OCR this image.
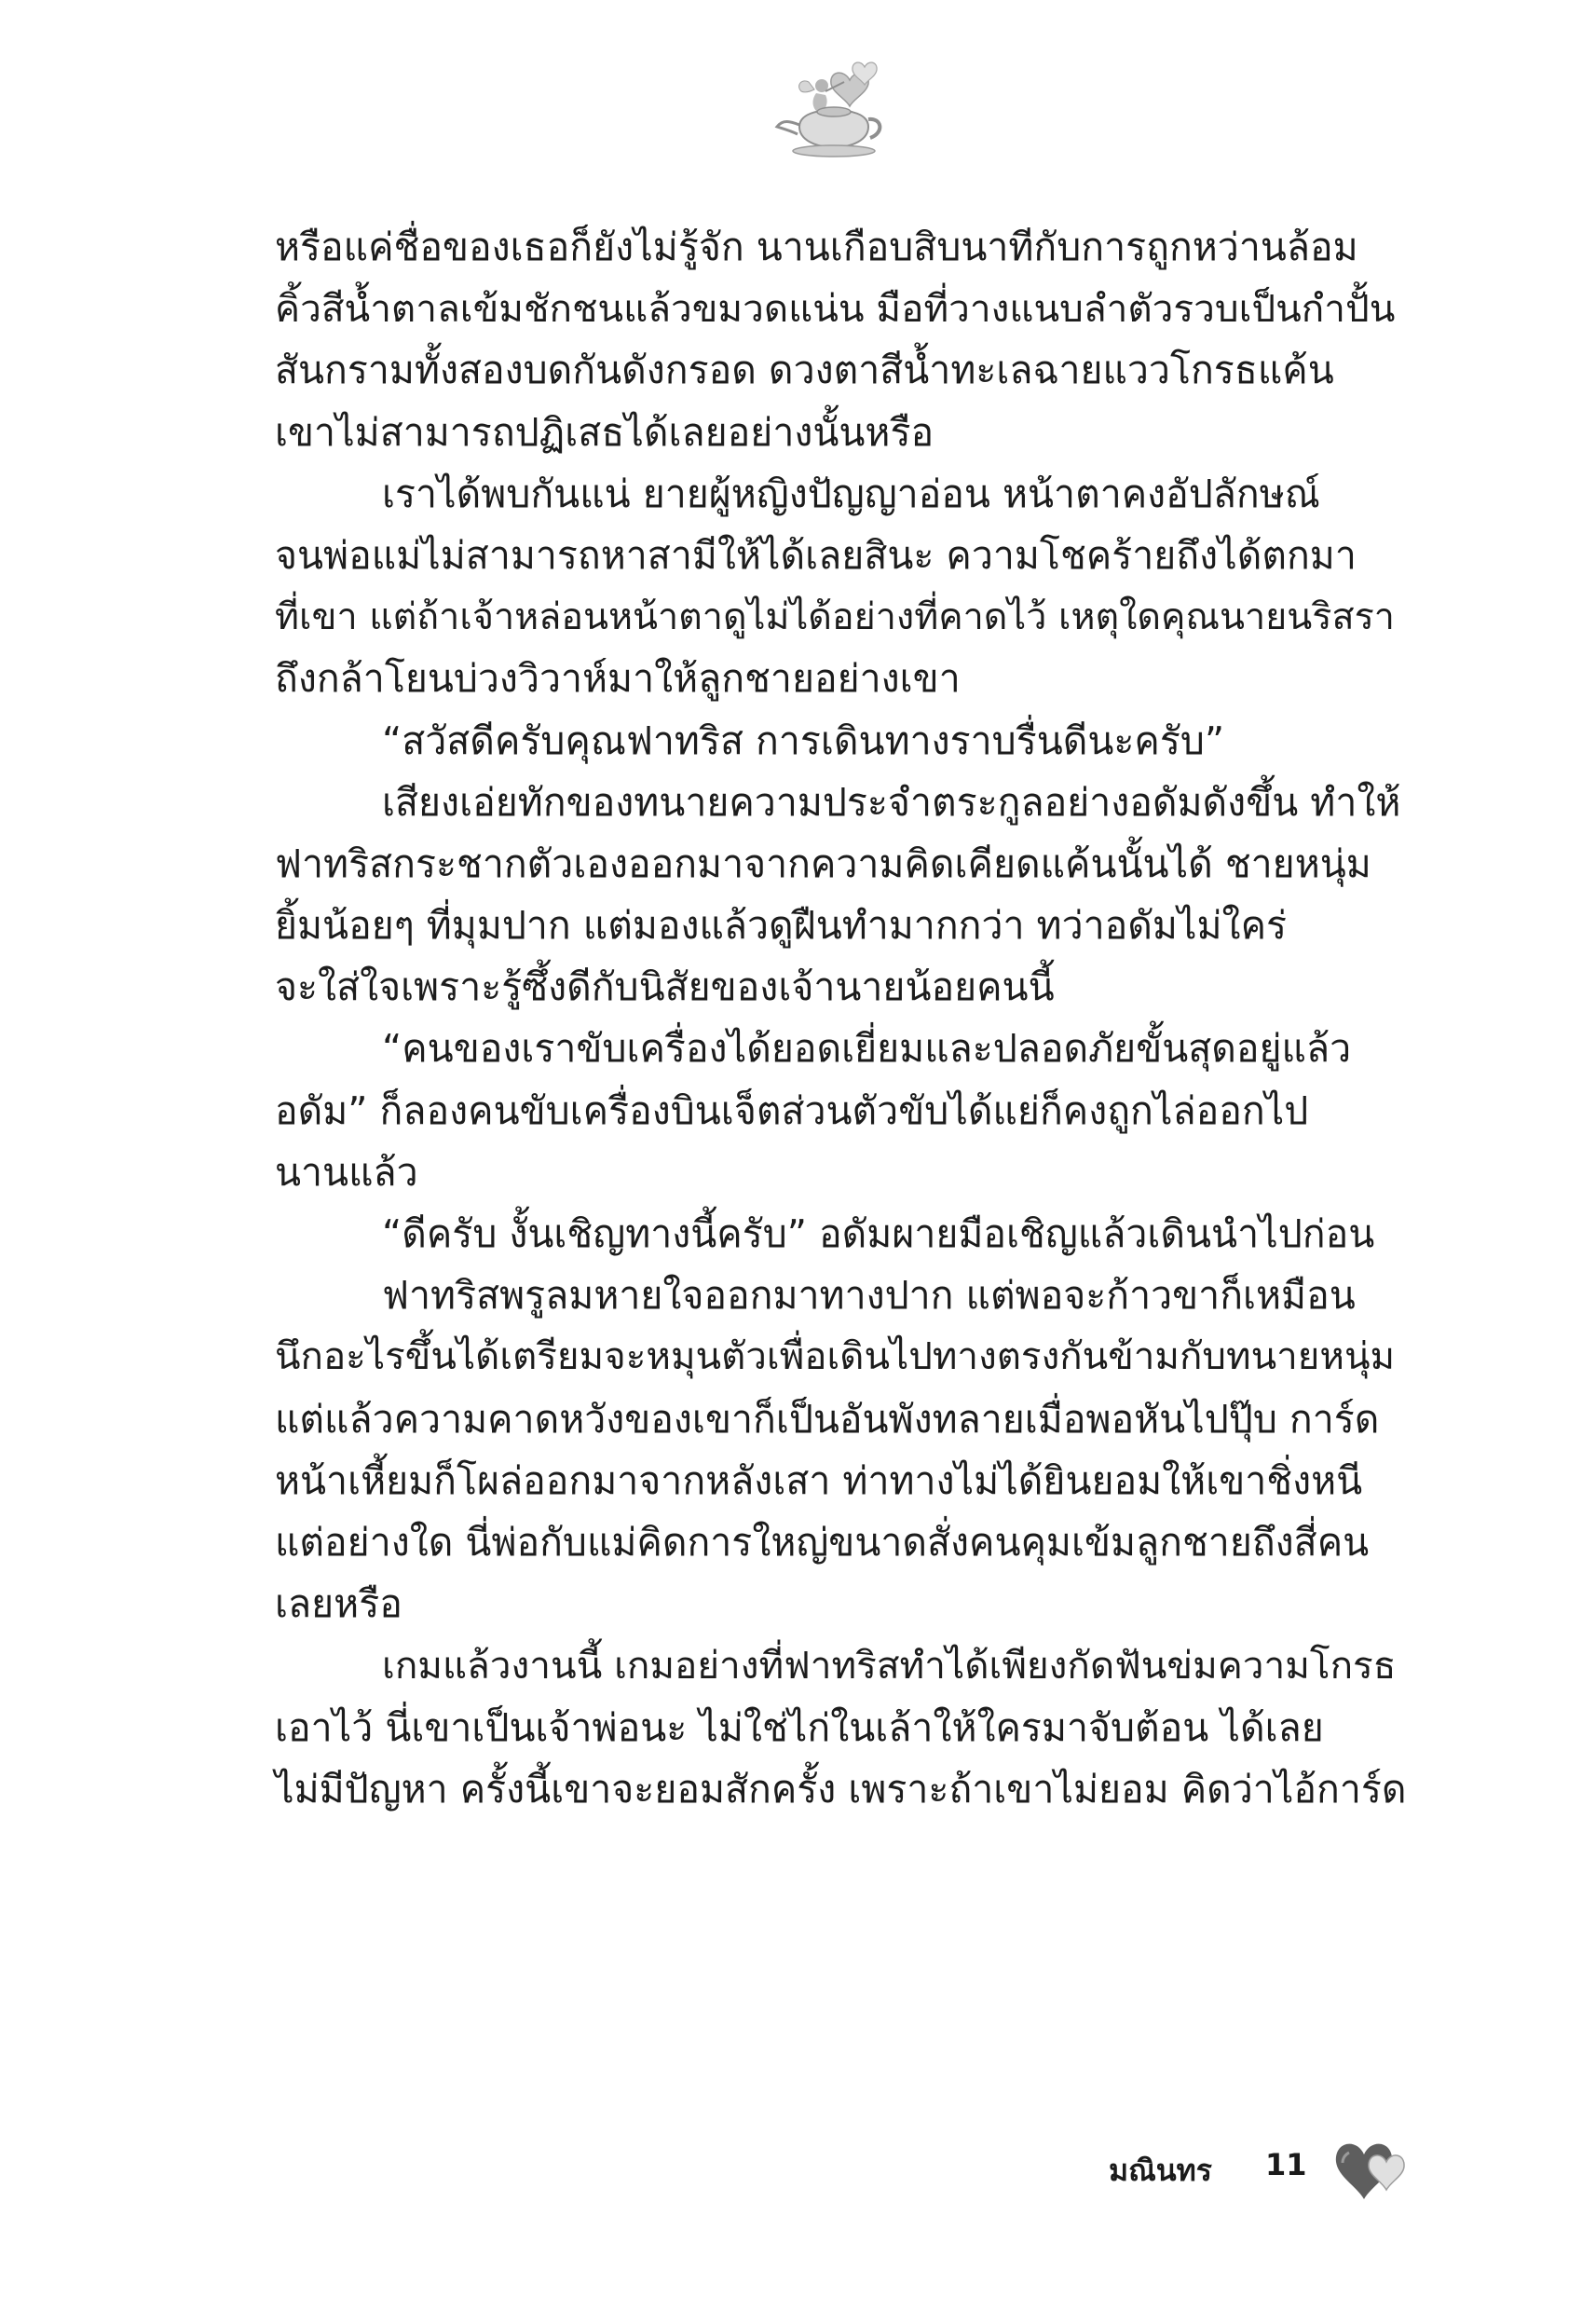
หรือแค่ชื่อของเธอก็ยังไม่รู้จัก นานเกือบสิบนาทีกับการถูกหว่านล้อม
คิ้วสีน้ำตาลเข้มชักชนแล้วขมวดแน่น มือที่วางแนบลำตัวรวบเป็นกำปั้น
สันกรามทั้งสองบดกันดังกรอด ดวงตาสีน้ำทะเลฉายแววโกรธแค้น
เขาไม่สามารถปฏิเสธได้เลยอย่างนั้นหรือ
เราได้พบกันแน่ ยายผู้หญิงปัญญาอ่อน หน้าตาคงอัปลักษณ์
จนพ่อแม่ไม่สามารถหาสามีให้ได้เลยสินะ ความโชคร้ายถึงได้ตกมา
ที่เขา แต่ถ้าเจ้าหล่อนหน้าตาดูไม่ได้อย่างที่คาดไว้ เหตุใดคุณนายนริสรา
ถึงกล้าโยนบ่วงวิวาห์มาให้ลูกชายอย่างเขา
“สวัสดีครับคุณฟาทริส การเดินทางราบรื่นดีนะครับ”
เสียงเอ่ยทักของทนายความประจำตระกูลอย่างอดัมดังขึ้น ทำให้
ฟาทริสกระชากตัวเองออกมาจากความคิดเคียดแค้นนั้นได้ ชายหนุ่ม
ยิ้มน้อยๆ ที่มุมปาก แต่มองแล้วดูฝืนทำมากกว่า ทว่าอดัมไม่ใคร่
จะใส่ใจเพราะรู้ซึ้งดีกับนิสัยของเจ้านายน้อยคนนี้
“คนของเราขับเครื่องได้ยอดเยี่ยมและปลอดภัยขั้นสุดอยู่แล้ว
อดัม” ก็ลองคนขับเครื่องบินเจ็ตส่วนตัวขับได้แย่ก็คงถูกไล่ออกไป
นานแล้ว
“ดีครับ งั้นเชิญทางนี้ครับ” อดัมผายมือเชิญแล้วเดินนำไปก่อน
ฟาทริสพรูลมหายใจออกมาทางปาก แต่พอจะก้าวขาก็เหมือน
นึกอะไรขึ้นได้เตรียมจะหมุนตัวเพื่อเดินไปทางตรงกันข้ามกับทนายหนุ่ม
แต่แล้วความคาดหวังของเขาก็เป็นอันพังทลายเมื่อพอหันไปปุ๊บ การ์ด
หน้าเหี้ยมก็โผล่ออกมาจากหลังเสา ท่าทางไม่ได้ยินยอมให้เขาชิ่งหนี
แต่อย่างใด นี่พ่อกับแม่คิดการใหญ่ขนาดสั่งคนคุมเข้มลูกชายถึงสี่คน
เลยหรือ
เกมแล้วงานนี้ เกมอย่างที่ฟาทริสทำได้เพียงกัดฟันข่มความโกรธ
เอาไว้ นี่เขาเป็นเจ้าพ่อนะ ไม่ใช่ไก่ในเล้าให้ใครมาจับต้อน ได้เลย
ไม่มีปัญหา ครั้งนี้เขาจะยอมสักครั้ง เพราะถ้าเขาไม่ยอม คิดว่าไอ้การ์ด
มณินทร 11
